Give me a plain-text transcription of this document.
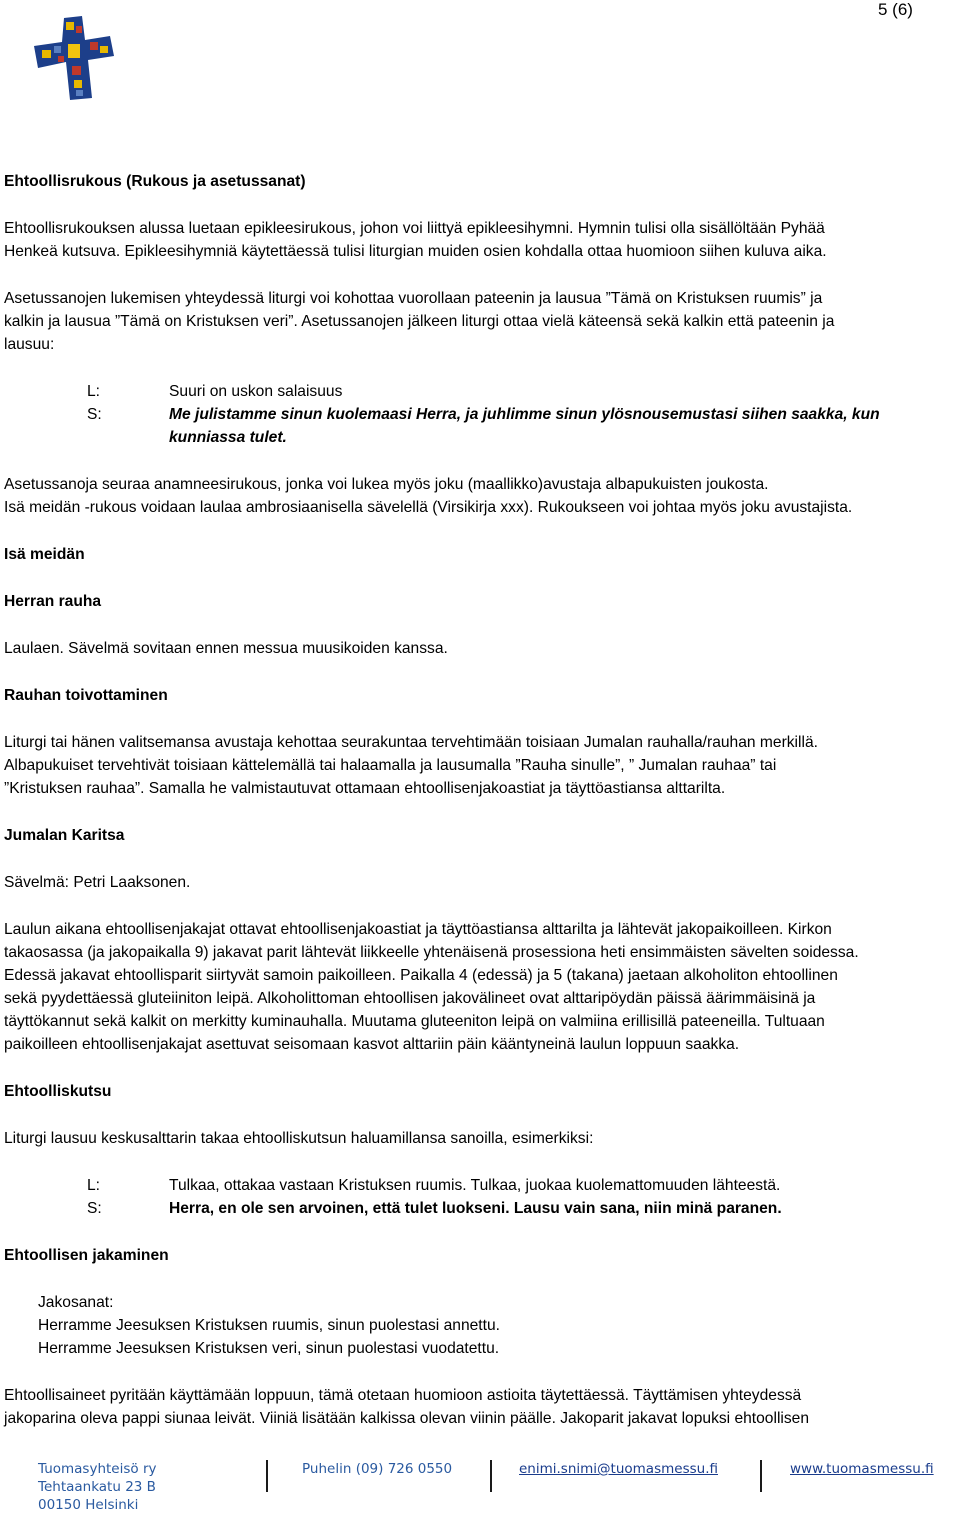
5 (6)

Ehtoollisrukous (Rukous ja asetussanat)

Ehtoollisrukouksen alussa luetaan epikleesirukous, johon voi liittyä epikleesihymni. Hymnin tulisi olla sisällöltään Pyhää

Henkeä kutsuva. Epikleesihymniä käytettäessä tulisi liturgian muiden osien kohdalla ottaa huomioon siihen kuluva aika.

Asetussanojen lukemisen yhteydessä liturgi voi kohottaa vuorollaan pateenin ja lausua ”Tämä on Kristuksen ruumis” ja

kalkin ja lausua ”Tämä on Kristuksen veri”. Asetussanojen jälkeen liturgi ottaa vielä käteensä sekä kalkin että pateenin ja

lausuu:

L:	Suuri on uskon salaisuus
S:	Me julistamme sinun kuolemaasi Herra, ja juhlimme sinun ylösnousemustasi siihen saakka, kun kunniassa tulet.

Asetussanoja seuraa anamneesirukous, jonka voi lukea myös joku (maallikko)avustaja albapukuisten joukosta.

Isä meidän -rukous voidaan laulaa ambrosiaanisella sävelellä (Virsikirja xxx). Rukoukseen voi johtaa myös joku avustajista.

Isä meidän

Herran rauha

Laulaen. Sävelmä sovitaan ennen messua muusikoiden kanssa.

Rauhan toivottaminen

Liturgi tai hänen valitsemansa avustaja kehottaa seurakuntaa tervehtimään toisiaan Jumalan rauhalla/rauhan merkillä.

Albapukuiset tervehtivät toisiaan kättelemällä tai halaamalla ja lausumalla ”Rauha sinulle”, ” Jumalan rauhaa” tai

”Kristuksen rauhaa”. Samalla he valmistautuvat ottamaan ehtoollisenjakoastiat ja täyttöastiansa alttarilta.

Jumalan Karitsa

Sävelmä: Petri Laaksonen.

Laulun aikana ehtoollisenjakajat ottavat ehtoollisenjakoastiat ja täyttöastiansa alttarilta ja lähtevät jakopaikoilleen. Kirkon

takaosassa (ja jakopaikalla 9) jakavat parit lähtevät liikkeelle yhtenäisenä prosessiona heti ensimmäisten sävelten soidessa.

Edessä jakavat ehtoollisparit siirtyvät samoin paikoilleen. Paikalla 4 (edessä) ja 5 (takana) jaetaan alkoholiton ehtoollinen

sekä pyydettäessä gluteiiniton leipä. Alkoholittoman ehtoollisen jakovälineet ovat alttaripöydän päissä äärimmäisinä ja

täyttökannut sekä kalkit on merkitty kuminauhalla. Muutama gluteeniton leipä on valmiina erillisillä pateeneilla. Tultuaan

paikoilleen ehtoollisenjakajat asettuvat seisomaan kasvot alttariin päin kääntyneinä laulun loppuun saakka.

Ehtoolliskutsu

Liturgi lausuu keskusalttarin takaa ehtoolliskutsun haluamillansa sanoilla, esimerkiksi:

L:	Tulkaa, ottakaa vastaan Kristuksen ruumis. Tulkaa, juokaa kuolemattomuuden lähteestä.
S:	Herra, en ole sen arvoinen, että tulet luokseni. Lausu vain sana, niin minä paranen.

Ehtoollisen jakaminen

Jakosanat:

Herramme Jeesuksen Kristuksen ruumis, sinun puolestasi annettu.

Herramme Jeesuksen Kristuksen veri, sinun puolestasi vuodatettu.

Ehtoollisaineet pyritään käyttämään loppuun, tämä otetaan huomioon astioita täytettäessä. Täyttämisen yhteydessä

jakoparina oleva pappi siunaa leivät. Viiniä lisätään kalkissa olevan viinin päälle. Jakoparit jakavat lopuksi ehtoollisen

Tuomasyhteisö ry
Tehtaankatu 23 B
00150 Helsinki
Puhelin (09) 726 0550	enimi.snimi@tuomasmessu.fi	www.tuomasmessu.fi
